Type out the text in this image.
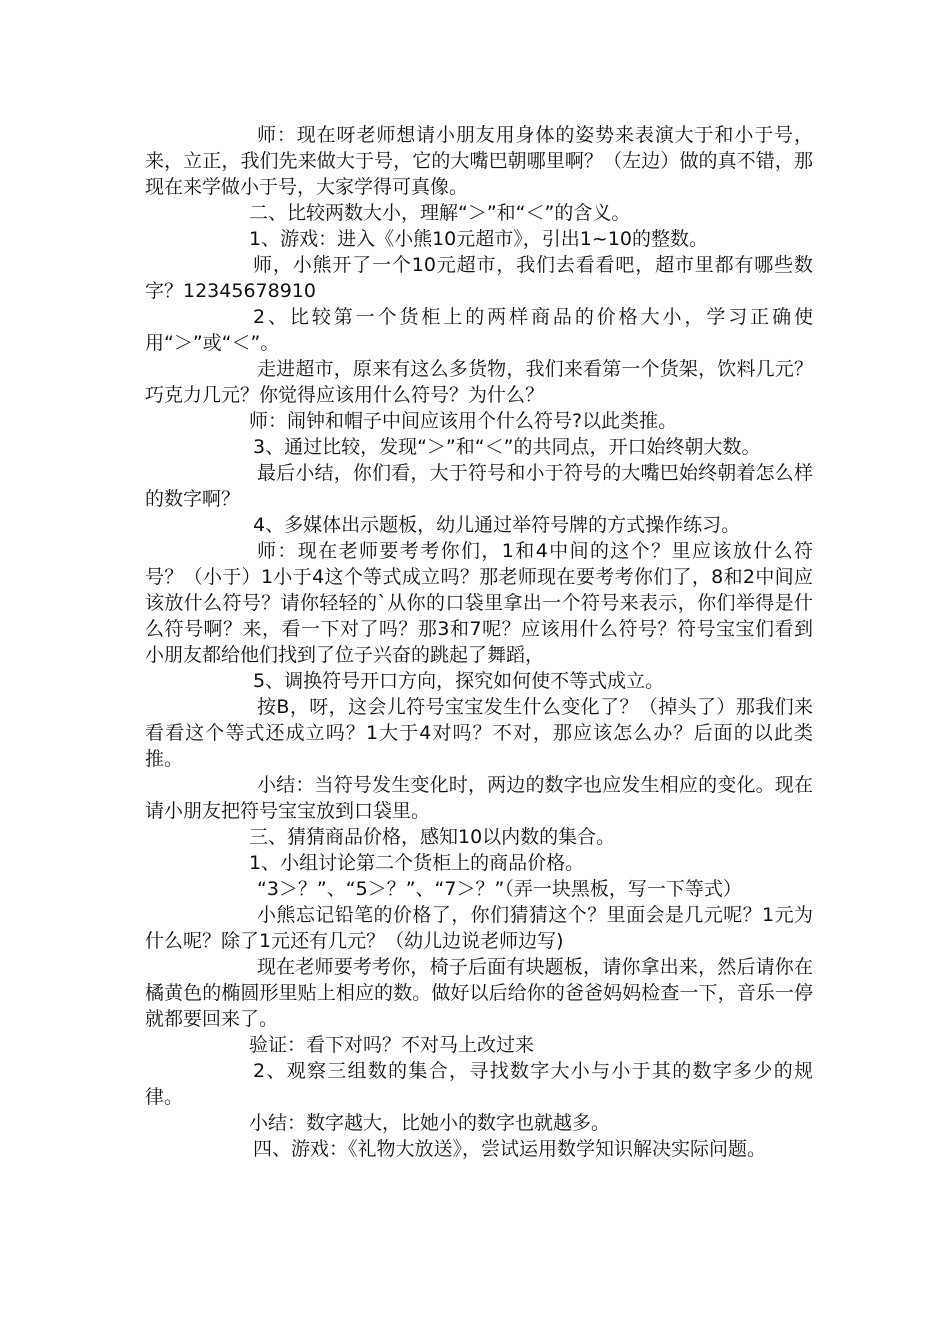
师：现在呀老师想请小朋友用身体的姿势来表演大于和小于号，来，立正，我们先来做大于号，它的大嘴巴朝哪里啊？（左边）做的真不错，那现在来学做小于号，大家学得可真像。

二、比较两数大小，理解“＞”和“＜”的含义。

1、游戏：进入《小熊10元超市》，引出1~10的整数。

师，小熊开了一个10元超市，我们去看看吧，超市里都有哪些数字？12345678910

2、比较第一个货柜上的两样商品的价格大小，学习正确使用“＞”或“＜”。

走进超市，原来有这么多货物，我们来看第一个货架，饮料几元？巧克力几元？你觉得应该用什么符号？为什么？

师：闹钟和帽子中间应该用个什么符号?以此类推。

3、通过比较，发现“＞”和“＜”的共同点，开口始终朝大数。

最后小结，你们看，大于符号和小于符号的大嘴巴始终朝着怎么样的数字啊？

4、多媒体出示题板，幼儿通过举符号牌的方式操作练习。

师：现在老师要考考你们，1和4中间的这个？里应该放什么符号？（小于）1小于4这个等式成立吗？那老师现在要考考你们了，8和2中间应该放什么符号？请你轻轻的`从你的口袋里拿出一个符号来表示，你们举得是什么符号啊？来，看一下对了吗？那3和7呢？应该用什么符号？符号宝宝们看到小朋友都给他们找到了位子兴奋的跳起了舞蹈，

5、调换符号开口方向，探究如何使不等式成立。

按B，呀，这会儿符号宝宝发生什么变化了？（掉头了）那我们来看看这个等式还成立吗？1大于4对吗？不对，那应该怎么办？后面的以此类推。

小结：当符号发生变化时，两边的数字也应发生相应的变化。现在请小朋友把符号宝宝放到口袋里。

三、猜猜商品价格，感知10以内数的集合。

1、小组讨论第二个货柜上的商品价格。

“3＞？”、“5＞？”、“7＞？”（弄一块黑板，写一下等式）

小熊忘记铅笔的价格了，你们猜猜这个？里面会是几元呢？1元为什么呢？除了1元还有几元？（幼儿边说老师边写)

现在老师要考考你，椅子后面有块题板，请你拿出来，然后请你在橘黄色的椭圆形里贴上相应的数。做好以后给你的爸爸妈妈检查一下，音乐一停就都要回来了。

验证：看下对吗？不对马上改过来

2、观察三组数的集合，寻找数字大小与小于其的数字多少的规律。

小结：数字越大，比她小的数字也就越多。

四、游戏：《礼物大放送》，尝试运用数学知识解决实际问题。
